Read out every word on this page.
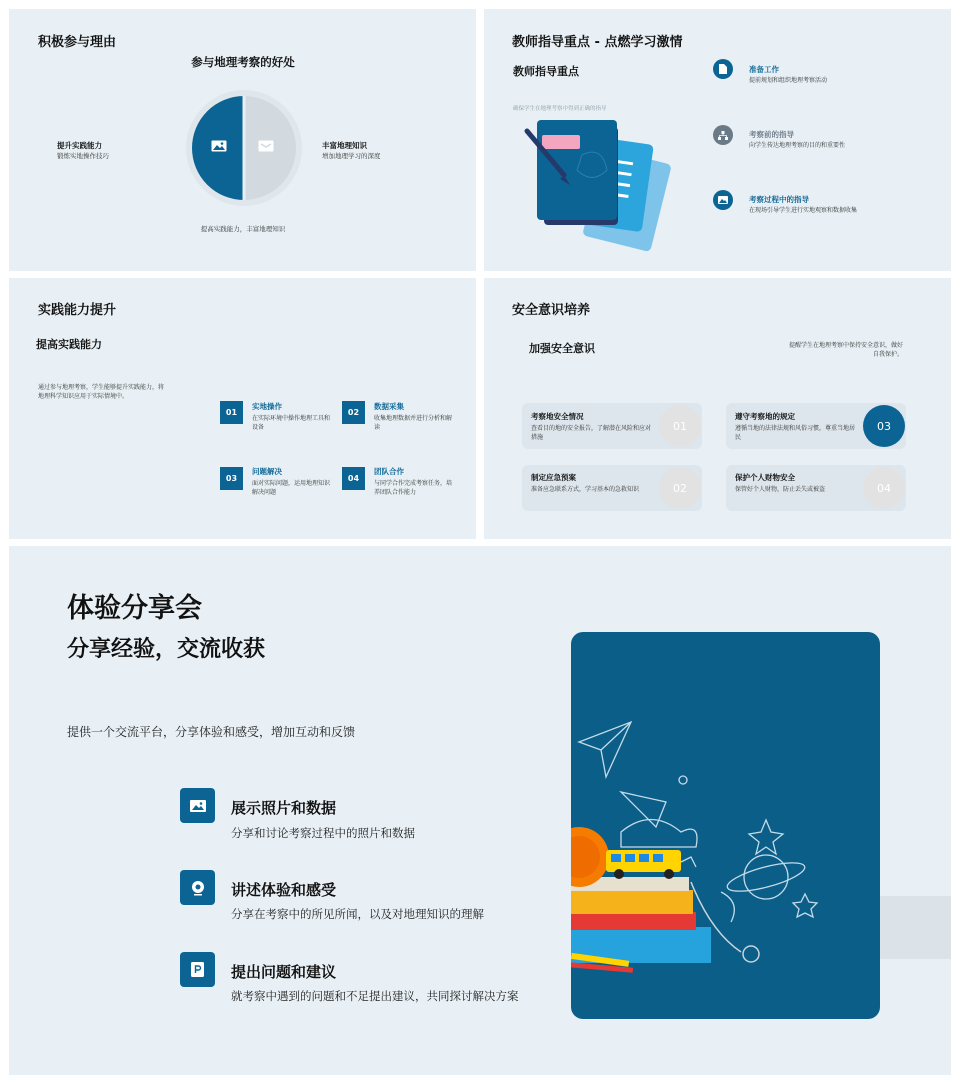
积极参与理由
参与地理考察的好处
提升实践能力
锻炼实地操作技巧
丰富地理知识
增加地理学习的深度
提高实践能力，丰富地理知识
教师指导重点 - 点燃学习激情
教师指导重点
确保学生在地理考察中得到正确的指导
准备工作
提前规划和组织地理考察活动
考察前的指导
向学生传达地理考察的目的和重要性
考察过程中的指导
在现场引导学生进行实地观察和数据收集
实践能力提升
提高实践能力
通过参与地理考察，学生能够提升实践能力，将地理科学知识应用于实际情境中。
01
实地操作
在实际环境中操作地理工具和设备
02
数据采集
收集地理数据并进行分析和解读
03
问题解决
面对实际问题，运用地理知识解决问题
04
团队合作
与同学合作完成考察任务，培养团队合作能力
安全意识培养
加强安全意识	提醒学生在地理考察中保持安全意识，做好自我保护。
考察地安全情况
查看目的地的安全报告，了解潜在风险和应对措施
01
制定应急预案
准备应急联系方式，学习基本的急救知识	02
遵守考察地的规定
遵循当地的法律法规和风俗习惯，尊重当地居民
03
保护个人财物安全
保管好个人财物，防止丢失或被盗	04
体验分享会
分享经验，交流收获
提供一个交流平台，分享体验和感受，增加互动和反馈
展示照片和数据
分享和讨论考察过程中的照片和数据
讲述体验和感受
分享在考察中的所见所闻，以及对地理知识的理解
提出问题和建议
就考察中遇到的问题和不足提出建议，共同探讨解决方案
